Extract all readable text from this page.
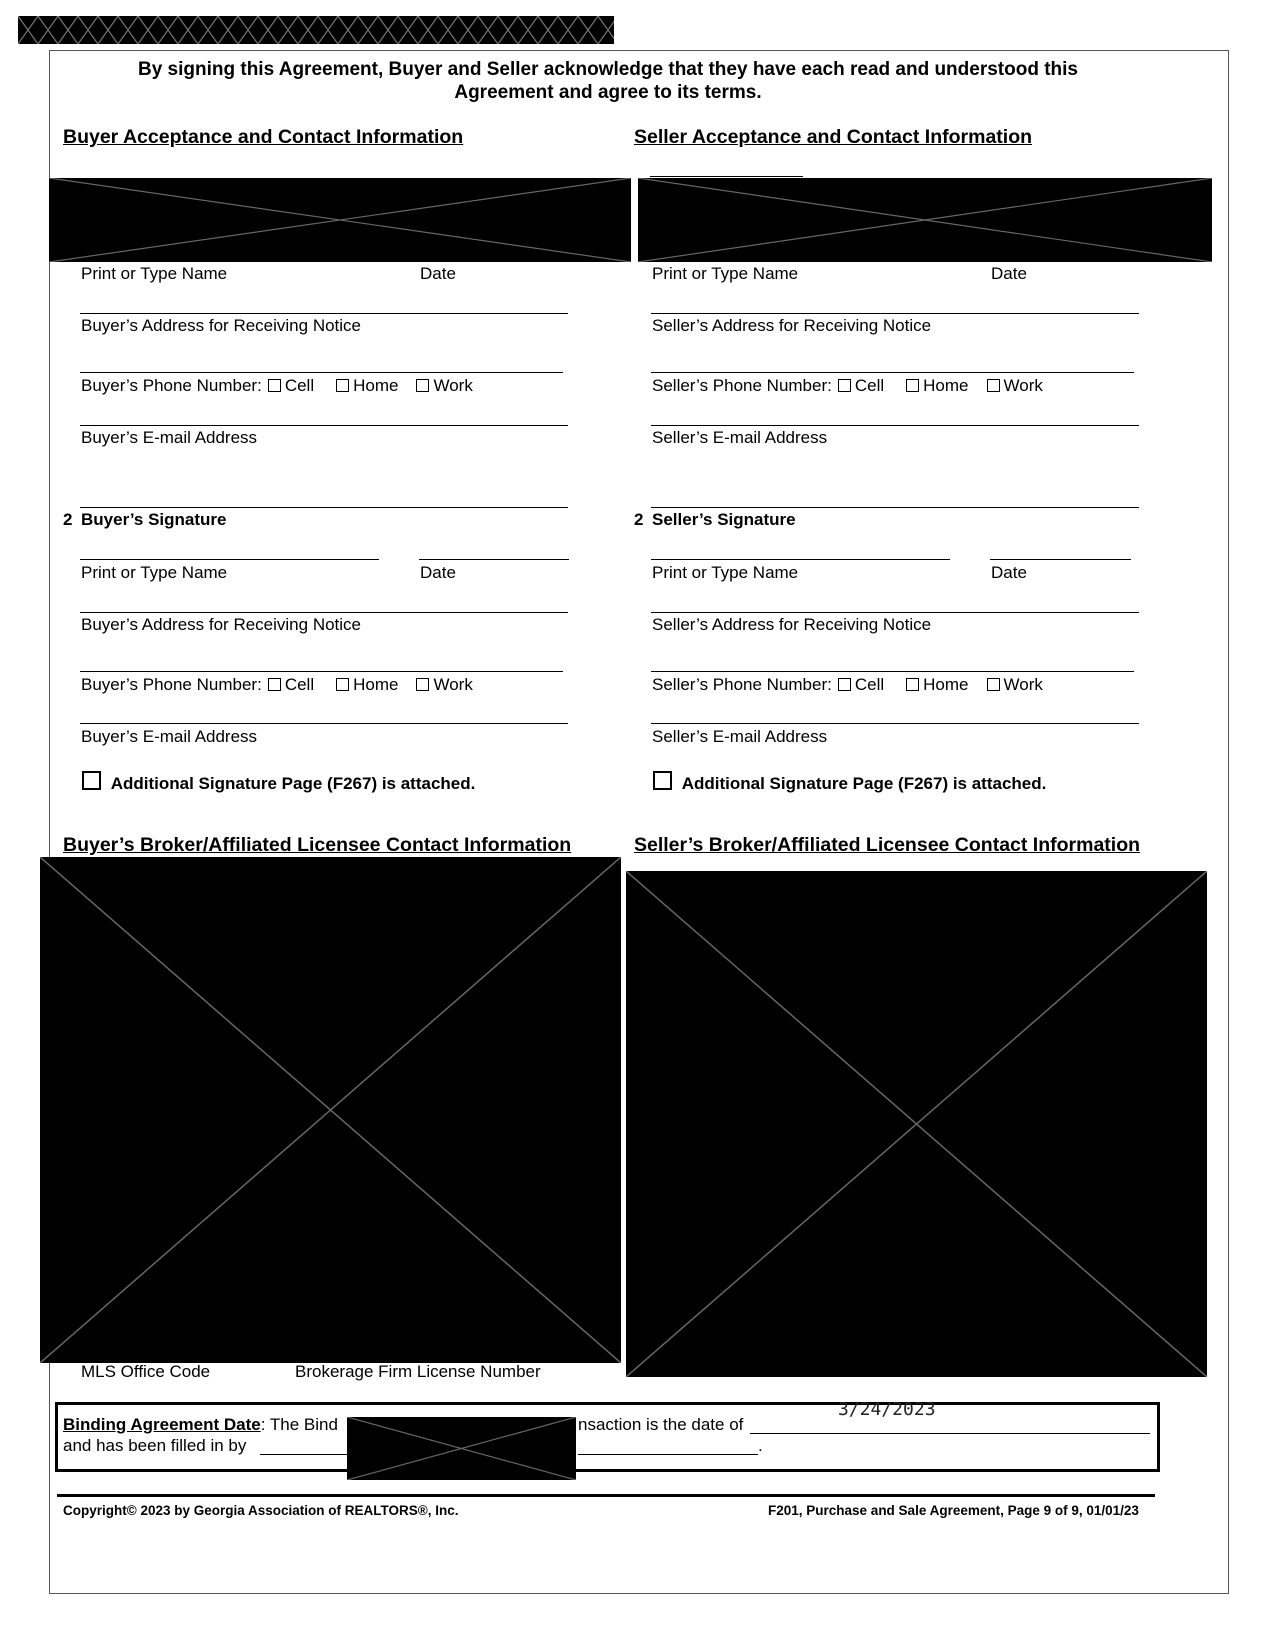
By signing this Agreement, Buyer and Seller acknowledge that they have each read and understood this
Agreement and agree to its terms.
Buyer Acceptance and Contact Information	Seller Acceptance and Contact Information
Print or Type Name	Date
Buyer’s Address for Receiving Notice
Buyer’s Phone Number: Cell Home Work
Buyer’s E-mail Address
2 Buyer’s Signature
Print or Type Name	Date
Buyer’s Address for Receiving Notice
Buyer’s Phone Number: Cell Home Work
Buyer’s E-mail Address
Additional Signature Page (F267) is attached.
Print or Type Name	Date
Seller’s Address for Receiving Notice
Seller’s Phone Number: Cell Home Work
Seller’s E-mail Address
2 Seller’s Signature
Print or Type Name	Date
Seller’s Address for Receiving Notice
Seller’s Phone Number: Cell Home Work
Seller’s E-mail Address
Additional Signature Page (F267) is attached.
Buyer’s Broker/Affiliated Licensee Contact Information	Seller’s Broker/Affiliated Licensee Contact Information
MLS Office Code	Brokerage Firm License Number
Binding Agreement Date: The Bind	nsaction is the date of
3/24/2023
and has been filled in by	.
Copyright© 2023 by Georgia Association of REALTORS®, Inc.	F201, Purchase and Sale Agreement, Page 9 of 9, 01/01/23
